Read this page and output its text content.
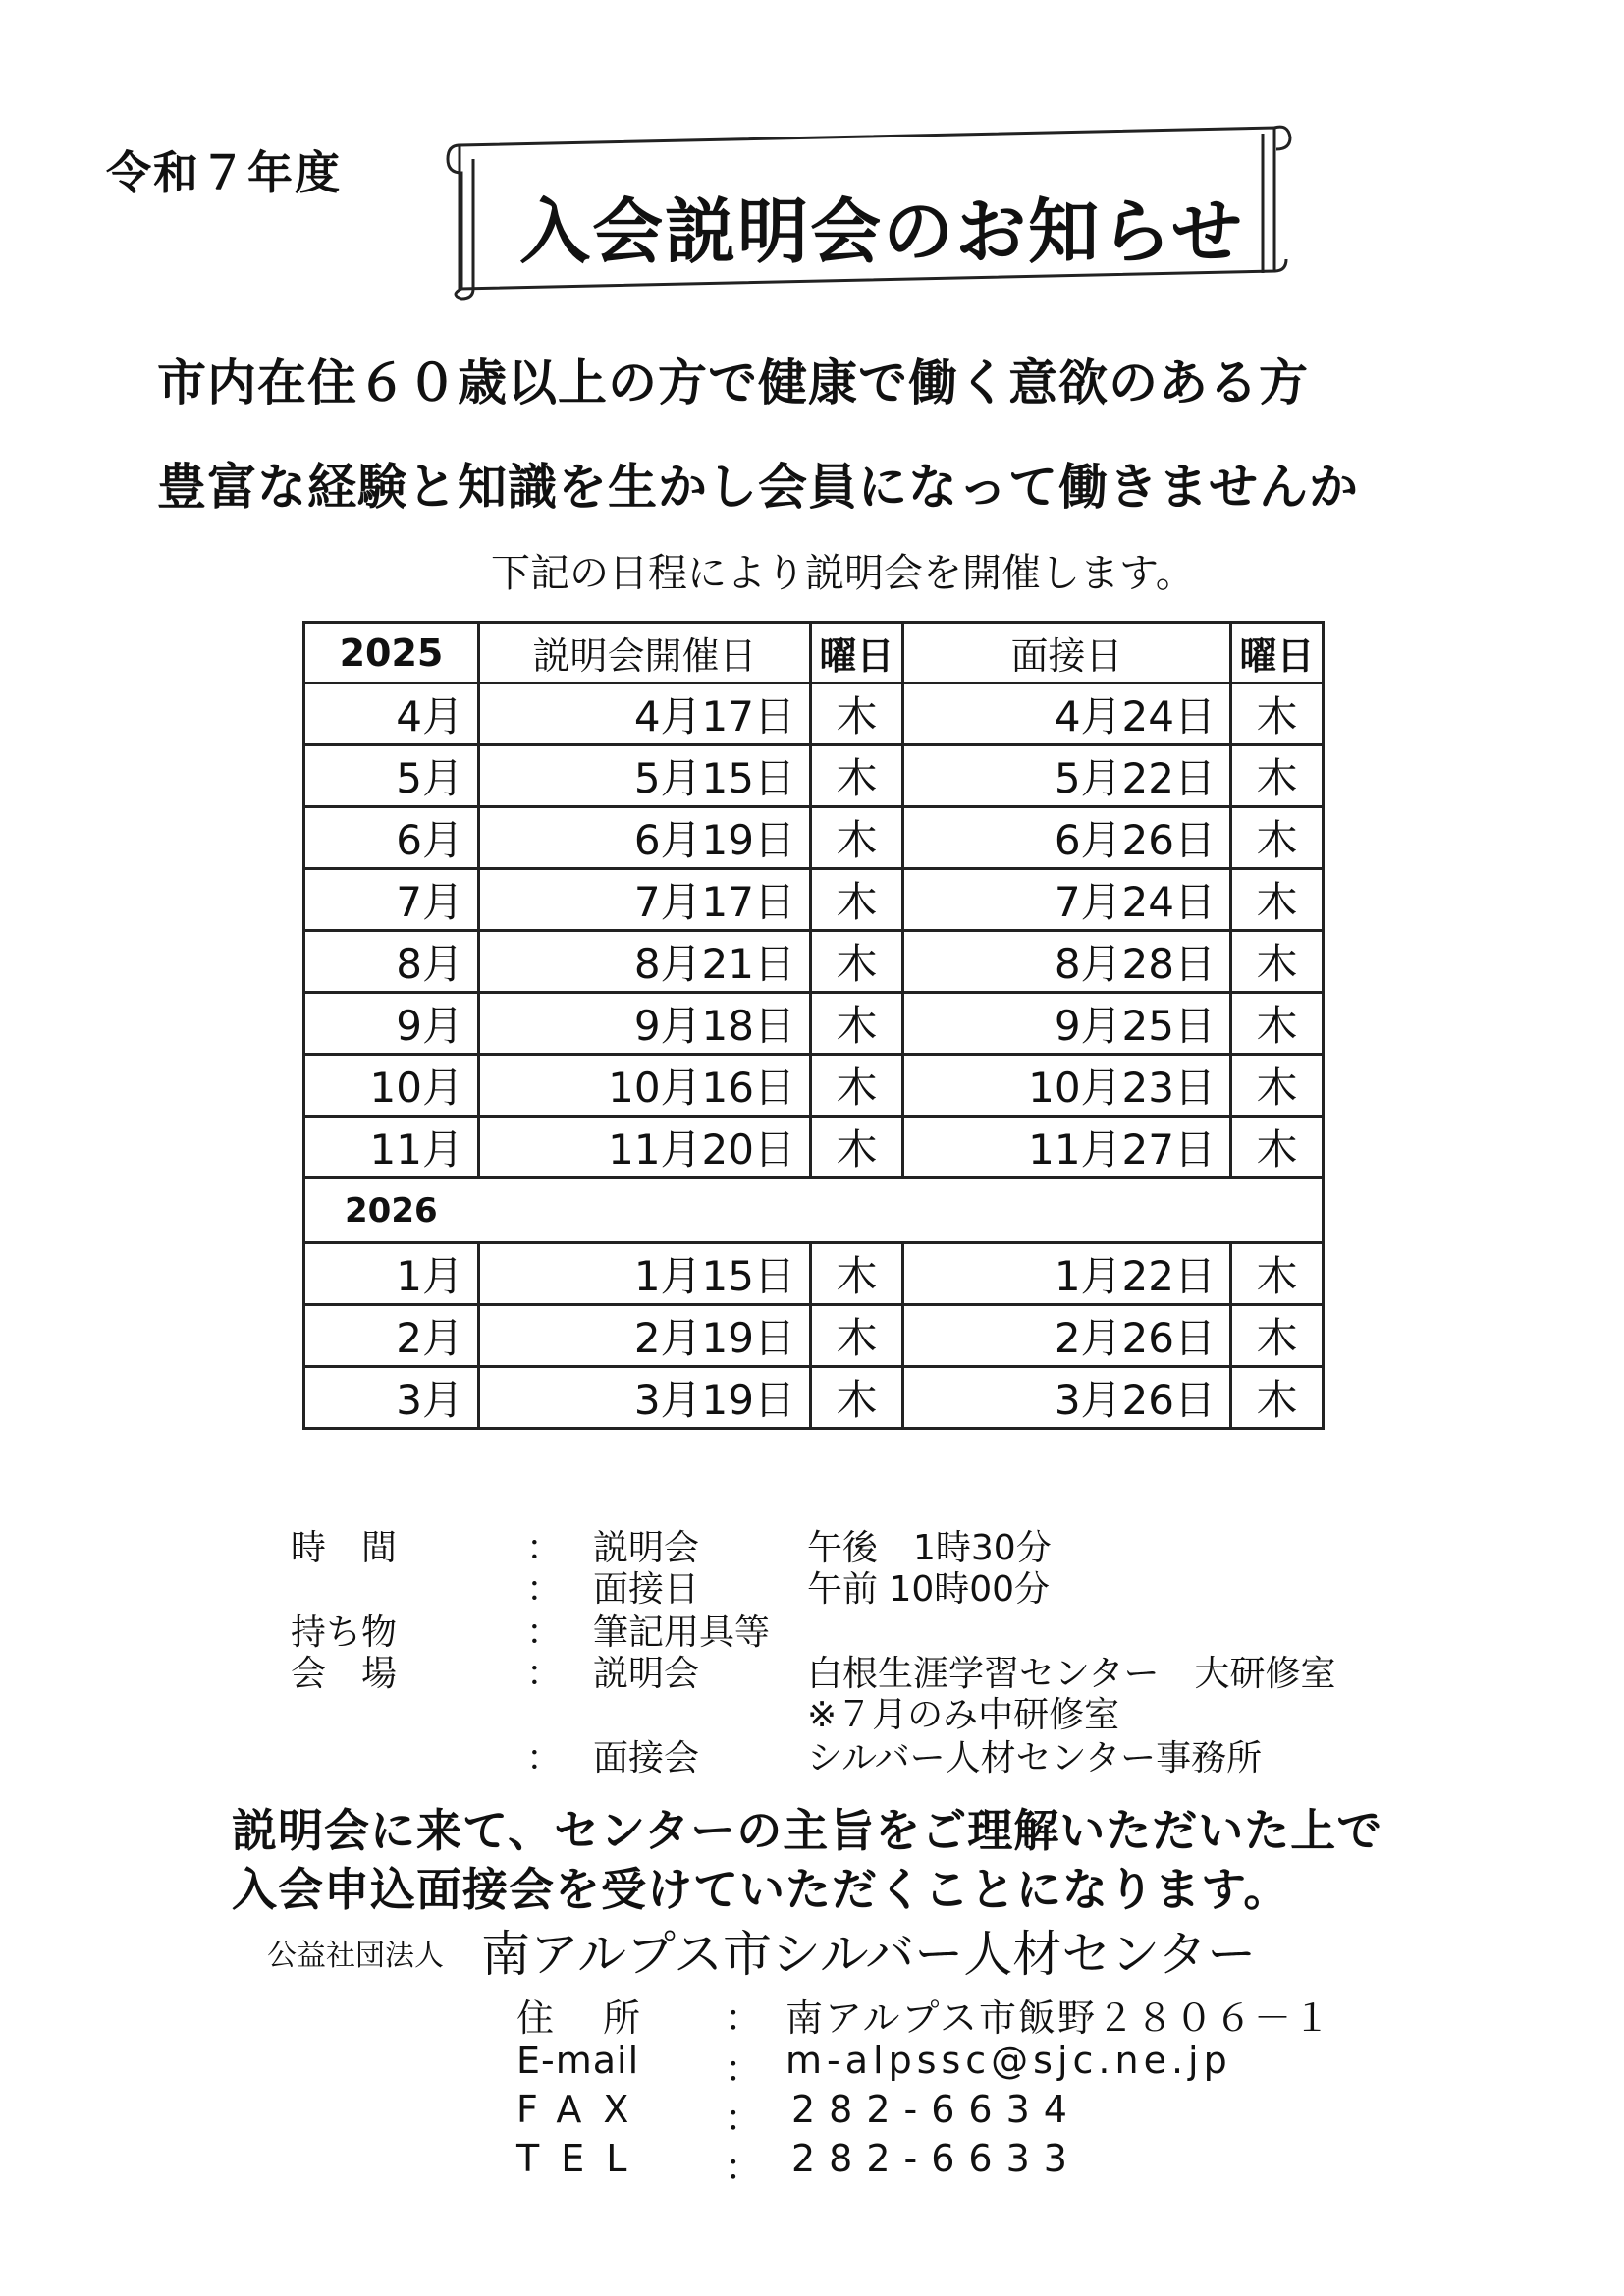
令和７年度
入会説明会のお知らせ
市内在住６０歳以上の方で健康で働く意欲のある方
豊富な経験と知識を生かし会員になって働きませんか
下記の日程により説明会を開催します。
2025	説明会開催日	曜日	面接日	曜日
4月	4月17日	木	4月24日	木
5月	5月15日	木	5月22日	木
6月	6月19日	木	6月26日	木
7月	7月17日	木	7月24日	木
8月	8月21日	木	8月28日	木
9月	9月18日	木	9月25日	木
10月	10月16日	木	10月23日	木
11月	11月20日	木	11月27日	木
2026				
1月	1月15日	木	1月22日	木
2月	2月19日	木	2月26日	木
3月	3月19日	木	3月26日	木
時　間	： 説明会	午後　1時30分
： 面接日	午前 10時00分
持ち物	： 筆記用具等
会　場	： 説明会	白根生涯学習センター　大研修室
※７月のみ中研修室
： 面接会	シルバー人材センター事務所
説明会に来て、センターの主旨をご理解いただいた上で
入会申込面接会を受けていただくことになります。
公益社団法人 南アルプス市シルバー人材センター
住　所 ： 南アルプス市飯野２８０６－１
E-mail ： m-alpssc@sjc.ne.jp
FAX ： 282-6634
TEL ： 282-6633
